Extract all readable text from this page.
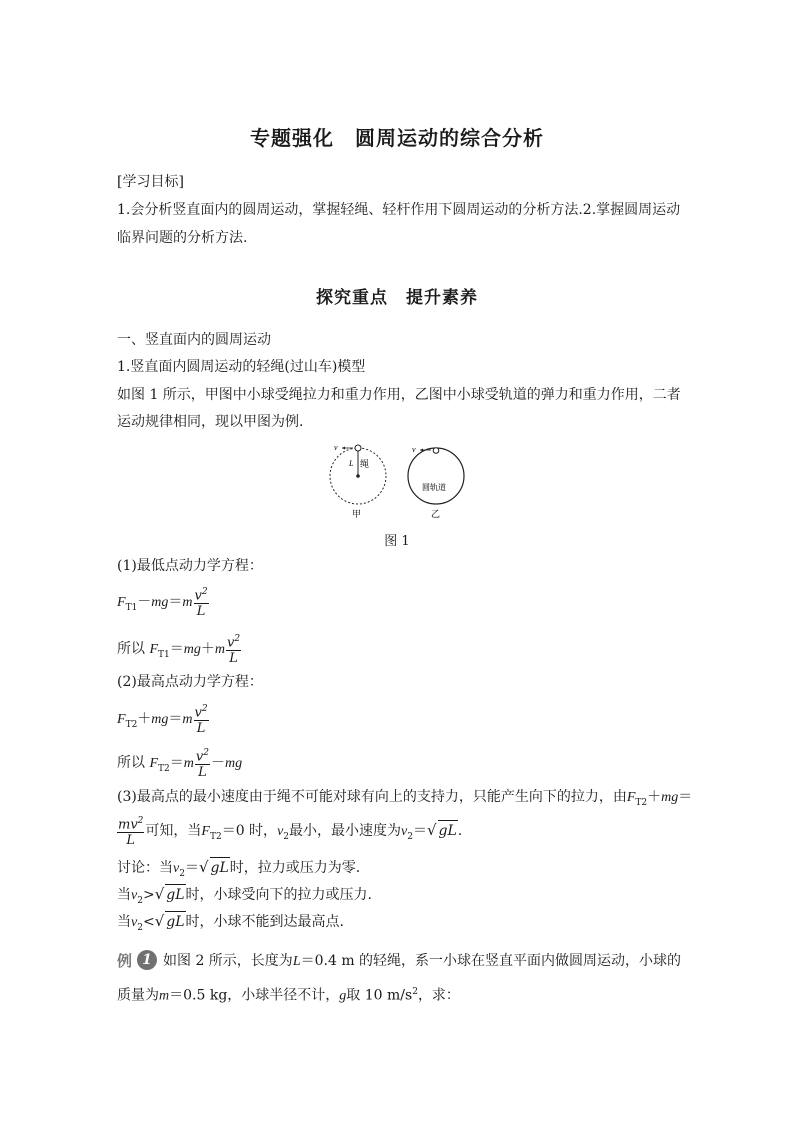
专题强化　圆周运动的综合分析
[学习目标]
1.会分析竖直面内的圆周运动，掌握轻绳、轻杆作用下圆周运动的分析方法.2.掌握圆周运动
临界问题的分析方法.
探究重点　提升素养
一、竖直面内的圆周运动
1.竖直面内圆周运动的轻绳(过山车)模型
如图 1 所示，甲图中小球受绳拉力和重力作用，乙图中小球受轨道的弹力和重力作用，二者
运动规律相同，现以甲图为例.
v
L 绳
甲
v
圆轨道
乙
图 1
(1)最低点动力学方程：
$F_{T1}-mg=m \frac{v^2}{L}$
所以 $F_{T1}=mg+m \frac{v^2}{L}$
(2)最高点动力学方程：
$F_{T2}+mg=m \frac{v^2}{L}$
所以 $F_{T2}=m \frac{v^2}{L} -mg$
(3)最高点的最小速度由于绳不可能对球有向上的支持力，只能产生向下的拉力，由$F_{T2}+mg=$
$\frac{mv^2}{L}$ 可知，当$F_{T2}=0$ 时，$v_2$最小，最小速度为$v_2=√$ gL.
讨论：当$v_2=√$ gL时，拉力或压力为零.
当$v_2>√$ gL时，小球受向下的拉力或压力.
当$v_2<√$ gL时，小球不能到达最高点.
例 1 如图 2 所示，长度为L＝0.4 m 的轻绳，系一小球在竖直平面内做圆周运动，小球的
质量为m＝0.5 kg，小球半径不计，g取 10 $m/s^2$，求：
